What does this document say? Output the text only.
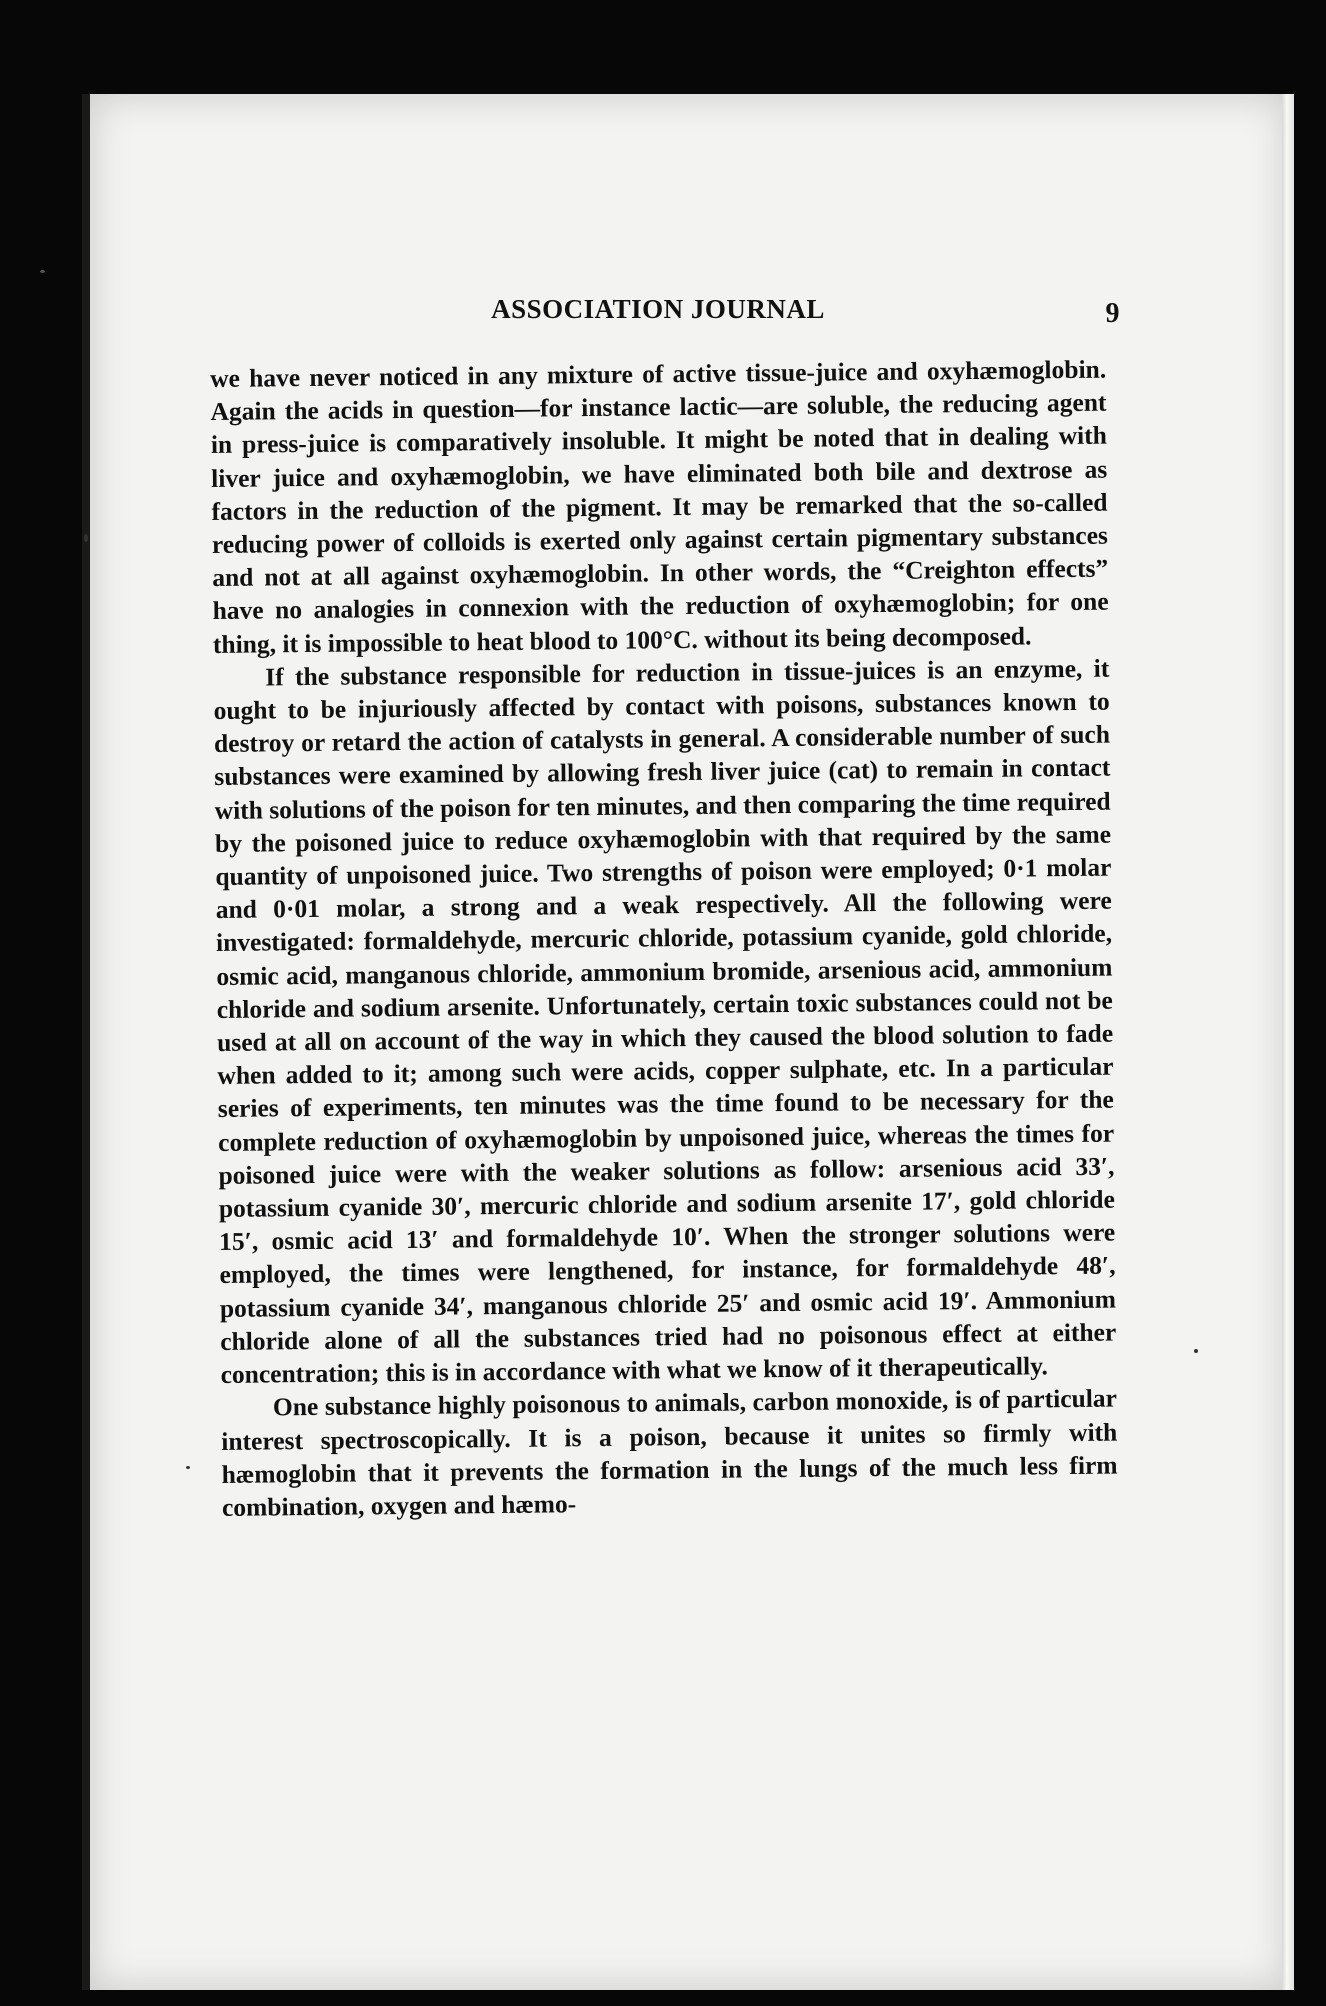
ASSOCIATION JOURNAL	9

we have never noticed in any mixture of active tissue-juice and oxyhæmoglobin. Again the acids in question—for instance lactic—are soluble, the reducing agent in press-juice is comparatively insoluble. It might be noted that in dealing with liver juice and oxyhæmoglobin, we have eliminated both bile and dextrose as factors in the reduction of the pigment. It may be remarked that the so-called reducing power of colloids is exerted only against certain pigmentary substances and not at all against oxyhæmoglobin. In other words, the “Creighton effects” have no analogies in connexion with the reduction of oxyhæmoglobin; for one thing, it is impossible to heat blood to 100°C. without its being decomposed.

If the substance responsible for reduction in tissue-juices is an enzyme, it ought to be injuriously affected by contact with poisons, substances known to destroy or retard the action of catalysts in general. A considerable number of such substances were examined by allowing fresh liver juice (cat) to remain in contact with solutions of the poison for ten minutes, and then comparing the time required by the poisoned juice to reduce oxyhæmoglobin with that required by the same quantity of unpoisoned juice. Two strengths of poison were employed; 0·1 molar and 0·01 molar, a strong and a weak respectively. All the following were investigated: formaldehyde, mercuric chloride, potassium cyanide, gold chloride, osmic acid, manganous chloride, ammonium bromide, arsenious acid, ammonium chloride and sodium arsenite. Unfortunately, certain toxic substances could not be used at all on account of the way in which they caused the blood solution to fade when added to it; among such were acids, copper sulphate, etc. In a particular series of experiments, ten minutes was the time found to be necessary for the complete reduction of oxyhæmoglobin by unpoisoned juice, whereas the times for poisoned juice were with the weaker solutions as follow: arsenious acid 33′, potassium cyanide 30′, mercuric chloride and sodium arsenite 17′, gold chloride 15′, osmic acid 13′ and formaldehyde 10′. When the stronger solutions were employed, the times were lengthened, for instance, for formaldehyde 48′, potassium cyanide 34′, manganous chloride 25′ and osmic acid 19′. Ammonium chloride alone of all the substances tried had no poisonous effect at either concentration; this is in accordance with what we know of it therapeutically.

One substance highly poisonous to animals, carbon monoxide, is of particular interest spectroscopically. It is a poison, because it unites so firmly with hæmoglobin that it prevents the formation in the lungs of the much less firm combination, oxygen and hæmo-
